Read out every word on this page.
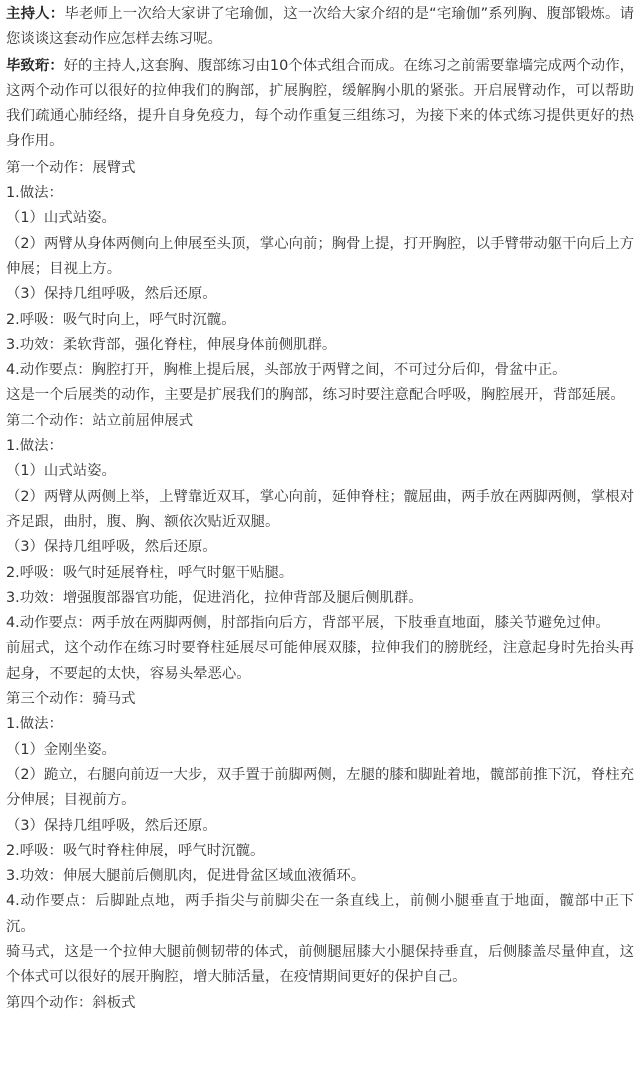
主持人：毕老师上一次给大家讲了宅瑜伽，这一次给大家介绍的是“宅瑜伽”系列胸、腹部锻炼。请您谈谈这套动作应怎样去练习呢。

毕致珩：好的主持人,这套胸、腹部练习由10个体式组合而成。在练习之前需要靠墙完成两个动作，这两个动作可以很好的拉伸我们的胸部，扩展胸腔，缓解胸小肌的紧张。开启展臂动作，可以帮助我们疏通心肺经络，提升自身免疫力，每个动作重复三组练习，为接下来的体式练习提供更好的热身作用。

第一个动作：展臂式

1.做法：

（1）山式站姿。

（2）两臂从身体两侧向上伸展至头顶，掌心向前；胸骨上提，打开胸腔，以手臂带动躯干向后上方伸展；目视上方。

（3）保持几组呼吸，然后还原。

2.呼吸：吸气时向上，呼气时沉髋。

3.功效：柔软背部，强化脊柱，伸展身体前侧肌群。

4.动作要点：胸腔打开，胸椎上提后展，头部放于两臂之间，不可过分后仰，骨盆中正。

这是一个后展类的动作，主要是扩展我们的胸部，练习时要注意配合呼吸，胸腔展开，背部延展。

第二个动作：站立前屈伸展式

1.做法：

（1）山式站姿。

（2）两臂从两侧上举，上臂靠近双耳，掌心向前，延伸脊柱；髋屈曲，两手放在两脚两侧，掌根对齐足跟，曲肘，腹、胸、额依次贴近双腿。

（3）保持几组呼吸，然后还原。

2.呼吸：吸气时延展脊柱，呼气时躯干贴腿。

3.功效：增强腹部器官功能，促进消化，拉伸背部及腿后侧肌群。

4.动作要点：两手放在两脚两侧，肘部指向后方，背部平展，下肢垂直地面，膝关节避免过伸。

前屈式，这个动作在练习时要脊柱延展尽可能伸展双膝，拉伸我们的膀胱经，注意起身时先抬头再起身，不要起的太快，容易头晕恶心。

第三个动作：骑马式

1.做法：

（1）金刚坐姿。

（2）跪立，右腿向前迈一大步，双手置于前脚两侧，左腿的膝和脚趾着地，髋部前推下沉，脊柱充分伸展；目视前方。

（3）保持几组呼吸，然后还原。

2.呼吸：吸气时脊柱伸展，呼气时沉髋。

3.功效：伸展大腿前后侧肌肉，促进骨盆区域血液循环。

4.动作要点：后脚趾点地，两手指尖与前脚尖在一条直线上，前侧小腿垂直于地面，髋部中正下沉。

骑马式，这是一个拉伸大腿前侧韧带的体式，前侧腿屈膝大小腿保持垂直，后侧膝盖尽量伸直，这个体式可以很好的展开胸腔，增大肺活量，在疫情期间更好的保护自己。

第四个动作：斜板式
